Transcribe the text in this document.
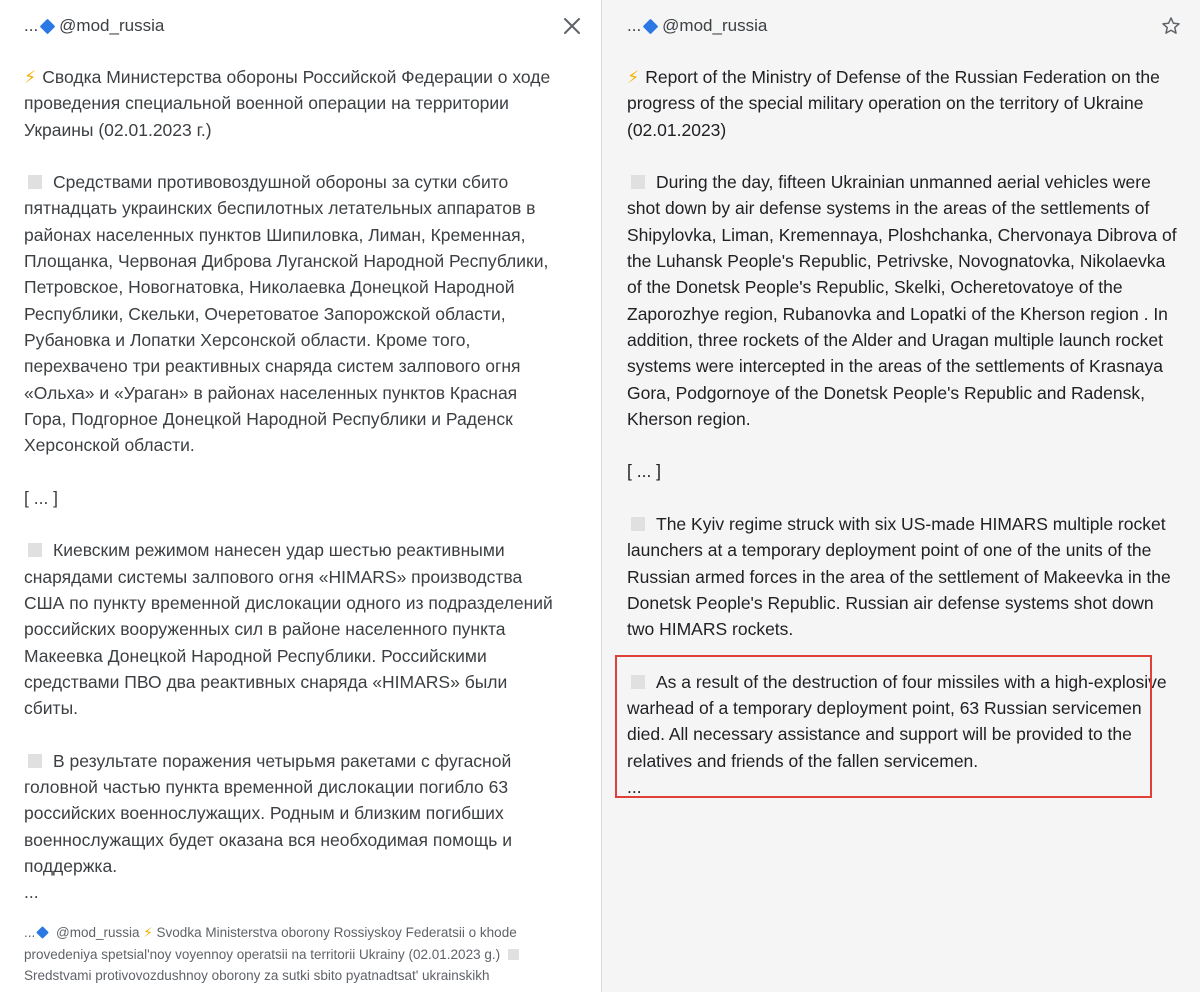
... @mod_russia

⚡ Сводка Министерства обороны Российской Федерации о ходе проведения специальной военной операции на территории Украины (02.01.2023 г.)

Средствами противовоздушной обороны за сутки сбито пятнадцать украинских беспилотных летательных аппаратов в районах населенных пунктов Шипиловка, Лиман, Кременная, Площанка, Червоная Диброва Луганской Народной Республики, Петровское, Новогнатовка, Николаевка Донецкой Народной Республики, Скельки, Очеретоватое Запорожской области, Рубановка и Лопатки Херсонской области. Кроме того, перехвачено три реактивных снаряда систем залпового огня «Ольха» и «Ураган» в районах населенных пунктов Красная Гора, Подгорное Донецкой Народной Республики и Раденск Херсонской области.

[ ... ]

Киевским режимом нанесен удар шестью реактивными снарядами системы залпового огня «HIMARS» производства США по пункту временной дислокации одного из подразделений российских вооруженных сил в районе населенного пункта Макеевка Донецкой Народной Республики. Российскими средствами ПВО два реактивных снаряда «HIMARS» были сбиты.

В результате поражения четырьмя ракетами с фугасной головной частью пункта временной дислокации погибло 63 российских военнослужащих. Родным и близким погибших военнослужащих будет оказана вся необходимая помощь и поддержка.

...
... @mod_russia ⚡ Svodka Ministerstva oborony Rossiyskoy Federatsii o khode provedeniya spetsial'noy voyennoy operatsii na territorii Ukrainy (02.01.2023 g.)  Sredstvami protivovozdushnoy oborony za sutki sbito pyatnadtsat' ukrainskikh
... @mod_russia

⚡ Report of the Ministry of Defense of the Russian Federation on the progress of the special military operation on the territory of Ukraine (02.01.2023)

During the day, fifteen Ukrainian unmanned aerial vehicles were shot down by air defense systems in the areas of the settlements of Shipylovka, Liman, Kremennaya, Ploshchanka, Chervonaya Dibrova of the Luhansk People's Republic, Petrivske, Novognatovka, Nikolaevka of the Donetsk People's Republic, Skelki, Ocheretovatoye of the Zaporozhye region, Rubanovka and Lopatki of the Kherson region . In addition, three rockets of the Alder and Uragan multiple launch rocket systems were intercepted in the areas of the settlements of Krasnaya Gora, Podgornoye of the Donetsk People's Republic and Radensk, Kherson region.

[ ... ]

The Kyiv regime struck with six US-made HIMARS multiple rocket launchers at a temporary deployment point of one of the units of the Russian armed forces in the area of the settlement of Makeevka in the Donetsk People's Republic. Russian air defense systems shot down two HIMARS rockets.

As a result of the destruction of four missiles with a high-explosive warhead of a temporary deployment point, 63 Russian servicemen died. All necessary assistance and support will be provided to the relatives and friends of the fallen servicemen.

...
